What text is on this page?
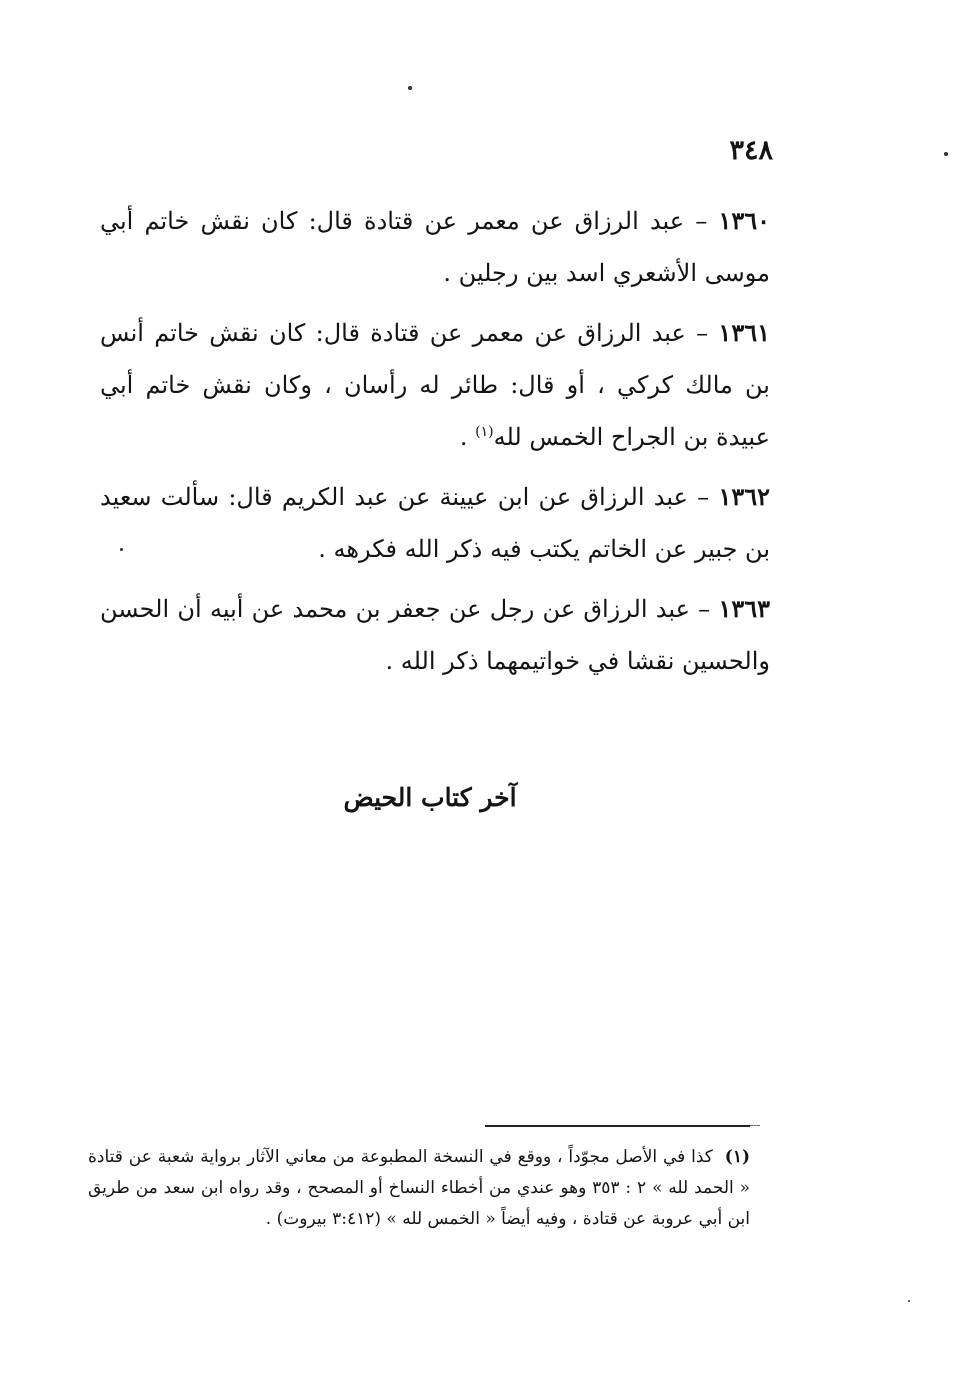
٣٤٨

١٣٦٠ – عبد الرزاق عن معمر عن قتادة قال: كان نقش خاتم أبي موسى الأشعري اسد بين رجلين .

١٣٦١ – عبد الرزاق عن معمر عن قتادة قال: كان نقش خاتم أنس بن مالك كركي ، أو قال: طائر له رأسان ، وكان نقش خاتم أبي عبيدة بن الجراح الخمس لله$^{(١)}$ .

١٣٦٢ – عبد الرزاق عن ابن عيينة عن عبد الكريم قال: سألت سعيد بن جبير عن الخاتم يكتب فيه ذكر الله فكرهه .

١٣٦٣ – عبد الرزاق عن رجل عن جعفر بن محمد عن أبيه أن الحسن والحسين نقشا في خواتيمهما ذكر الله .

آخر كتاب الحيض

(١) كذا في الأصل مجوّداً ، ووقع في النسخة المطبوعة من معاني الآثار برواية شعبة عن قتادة « الحمد لله » ٢ : ٣٥٣ وهو عندي من أخطاء النساخ أو المصحح ، وقد رواه ابن سعد من طريق ابن أبي عروبة عن قتادة ، وفيه أيضاً « الخمس لله » (٣:٤١٢ بيروت) .
